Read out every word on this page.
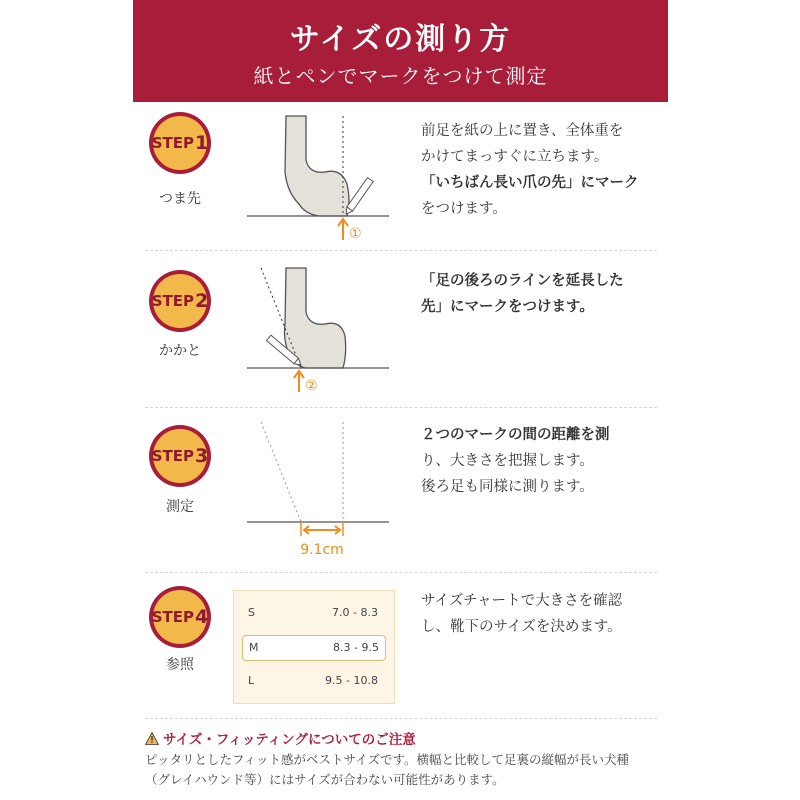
サイズの測り方
紙とペンでマークをつけて測定
STEP 1
つま先
①
前足を紙の上に置き、全体重を
かけてまっすぐに立ちます。
「いちばん長い爪の先」にマーク
をつけます。
STEP 2
かかと
②
「足の後ろのラインを延長した
先」にマークをつけます。
STEP 3
測定
9.1cm
２つのマークの間の距離を測
り、大きさを把握します。
後ろ足も同様に測ります。
STEP 4
参照
S	7.0 - 8.3
M	8.3 - 9.5
L	9.5 - 10.8
サイズチャートで大きさを確認
し、靴下のサイズを決めます。
サイズ・フィッティングについてのご注意
ピッタリとしたフィット感がベストサイズです。横幅と比較して足裏の縦幅が長い犬種
（グレイハウンド等）にはサイズが合わない可能性があります。
